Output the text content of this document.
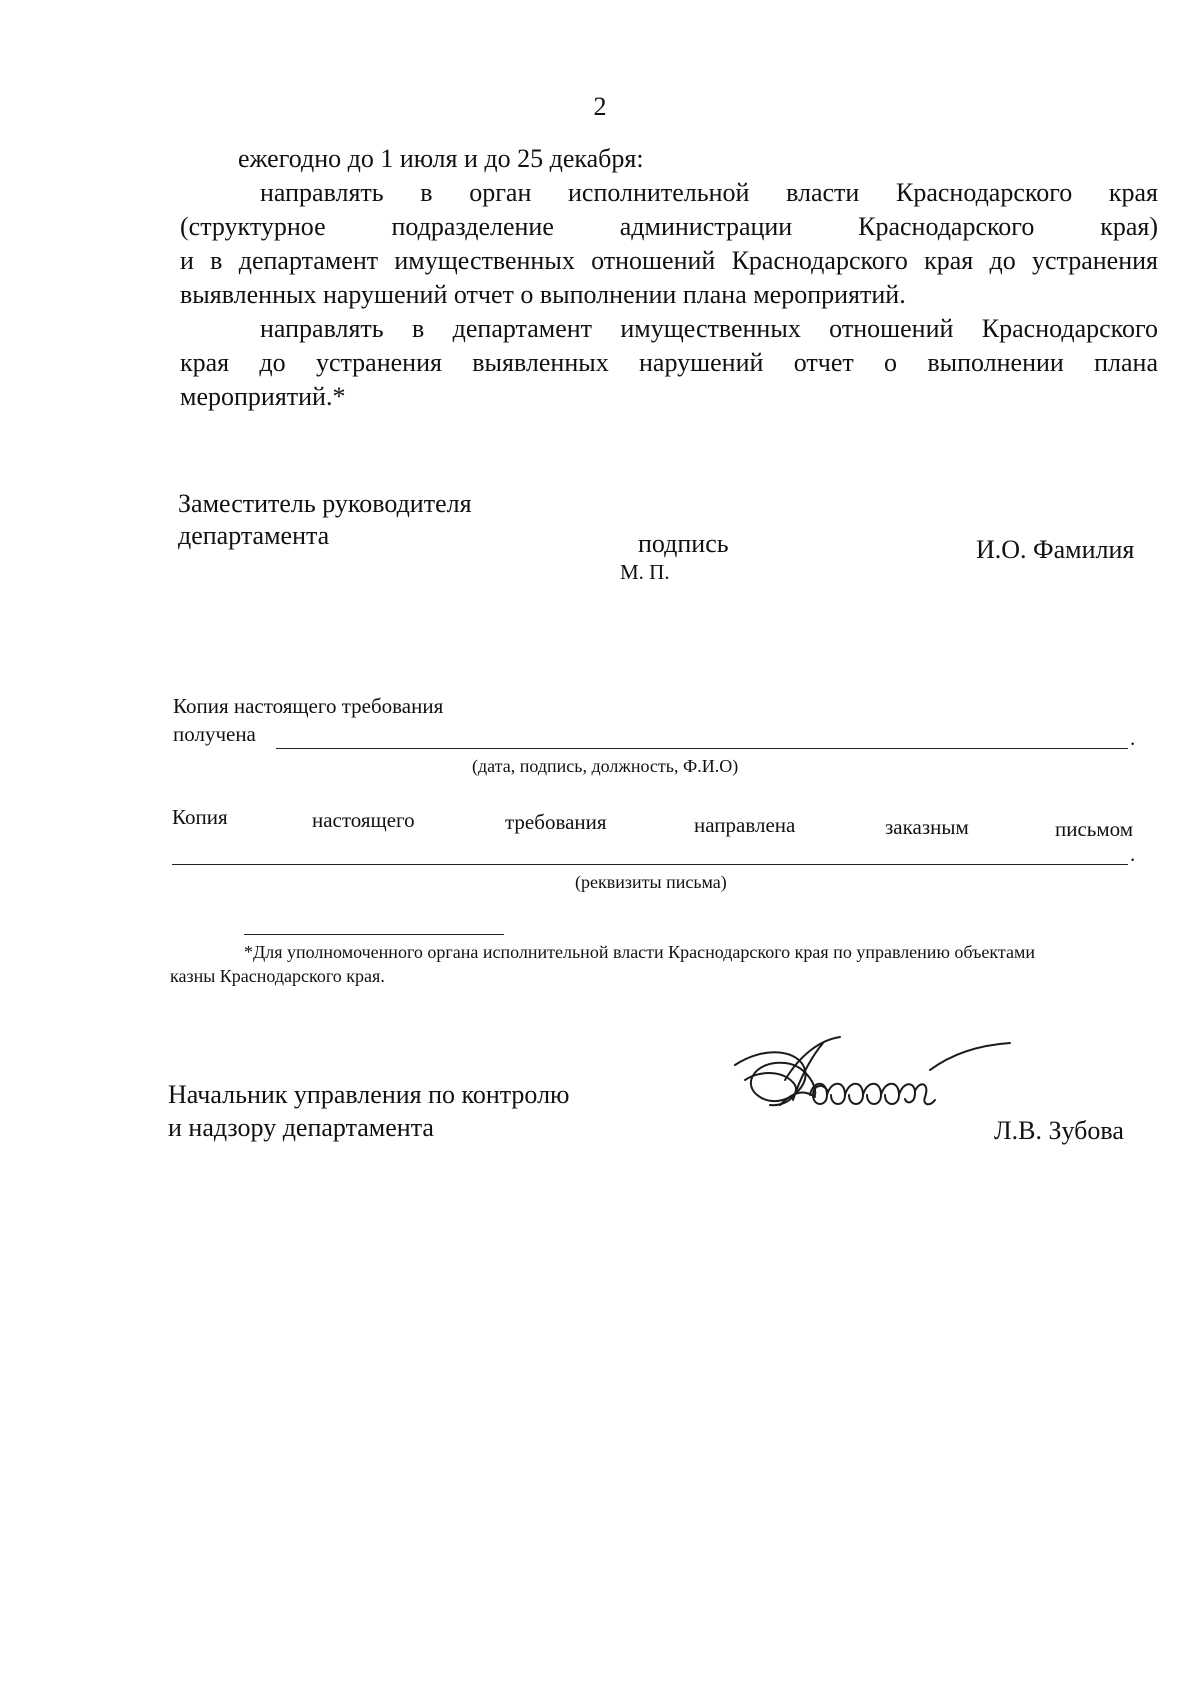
2
ежегодно до 1 июля и до 25 декабря:
направлять в орган исполнительной власти Краснодарского края
(структурное подразделение администрации Краснодарского края)
и в департамент имущественных отношений Краснодарского края до устранения
выявленных нарушений отчет о выполнении плана мероприятий.
направлять в департамент имущественных отношений Краснодарского
края до устранения выявленных нарушений отчет о выполнении плана
мероприятий.*
Заместитель руководителя
департамента	подпись
М. П.
И.О. Фамилия
Копия настоящего требования
получена	.
(дата, подпись, должность, Ф.И.О)
Копия	настоящего	требования	направлена	заказным	письмом
.
(реквизиты письма)
*Для уполномоченного органа исполнительной власти Краснодарского края по управлению объектами
казны Краснодарского края.
Начальник управления по контролю
и надзору департамента	Л.В. Зубова
